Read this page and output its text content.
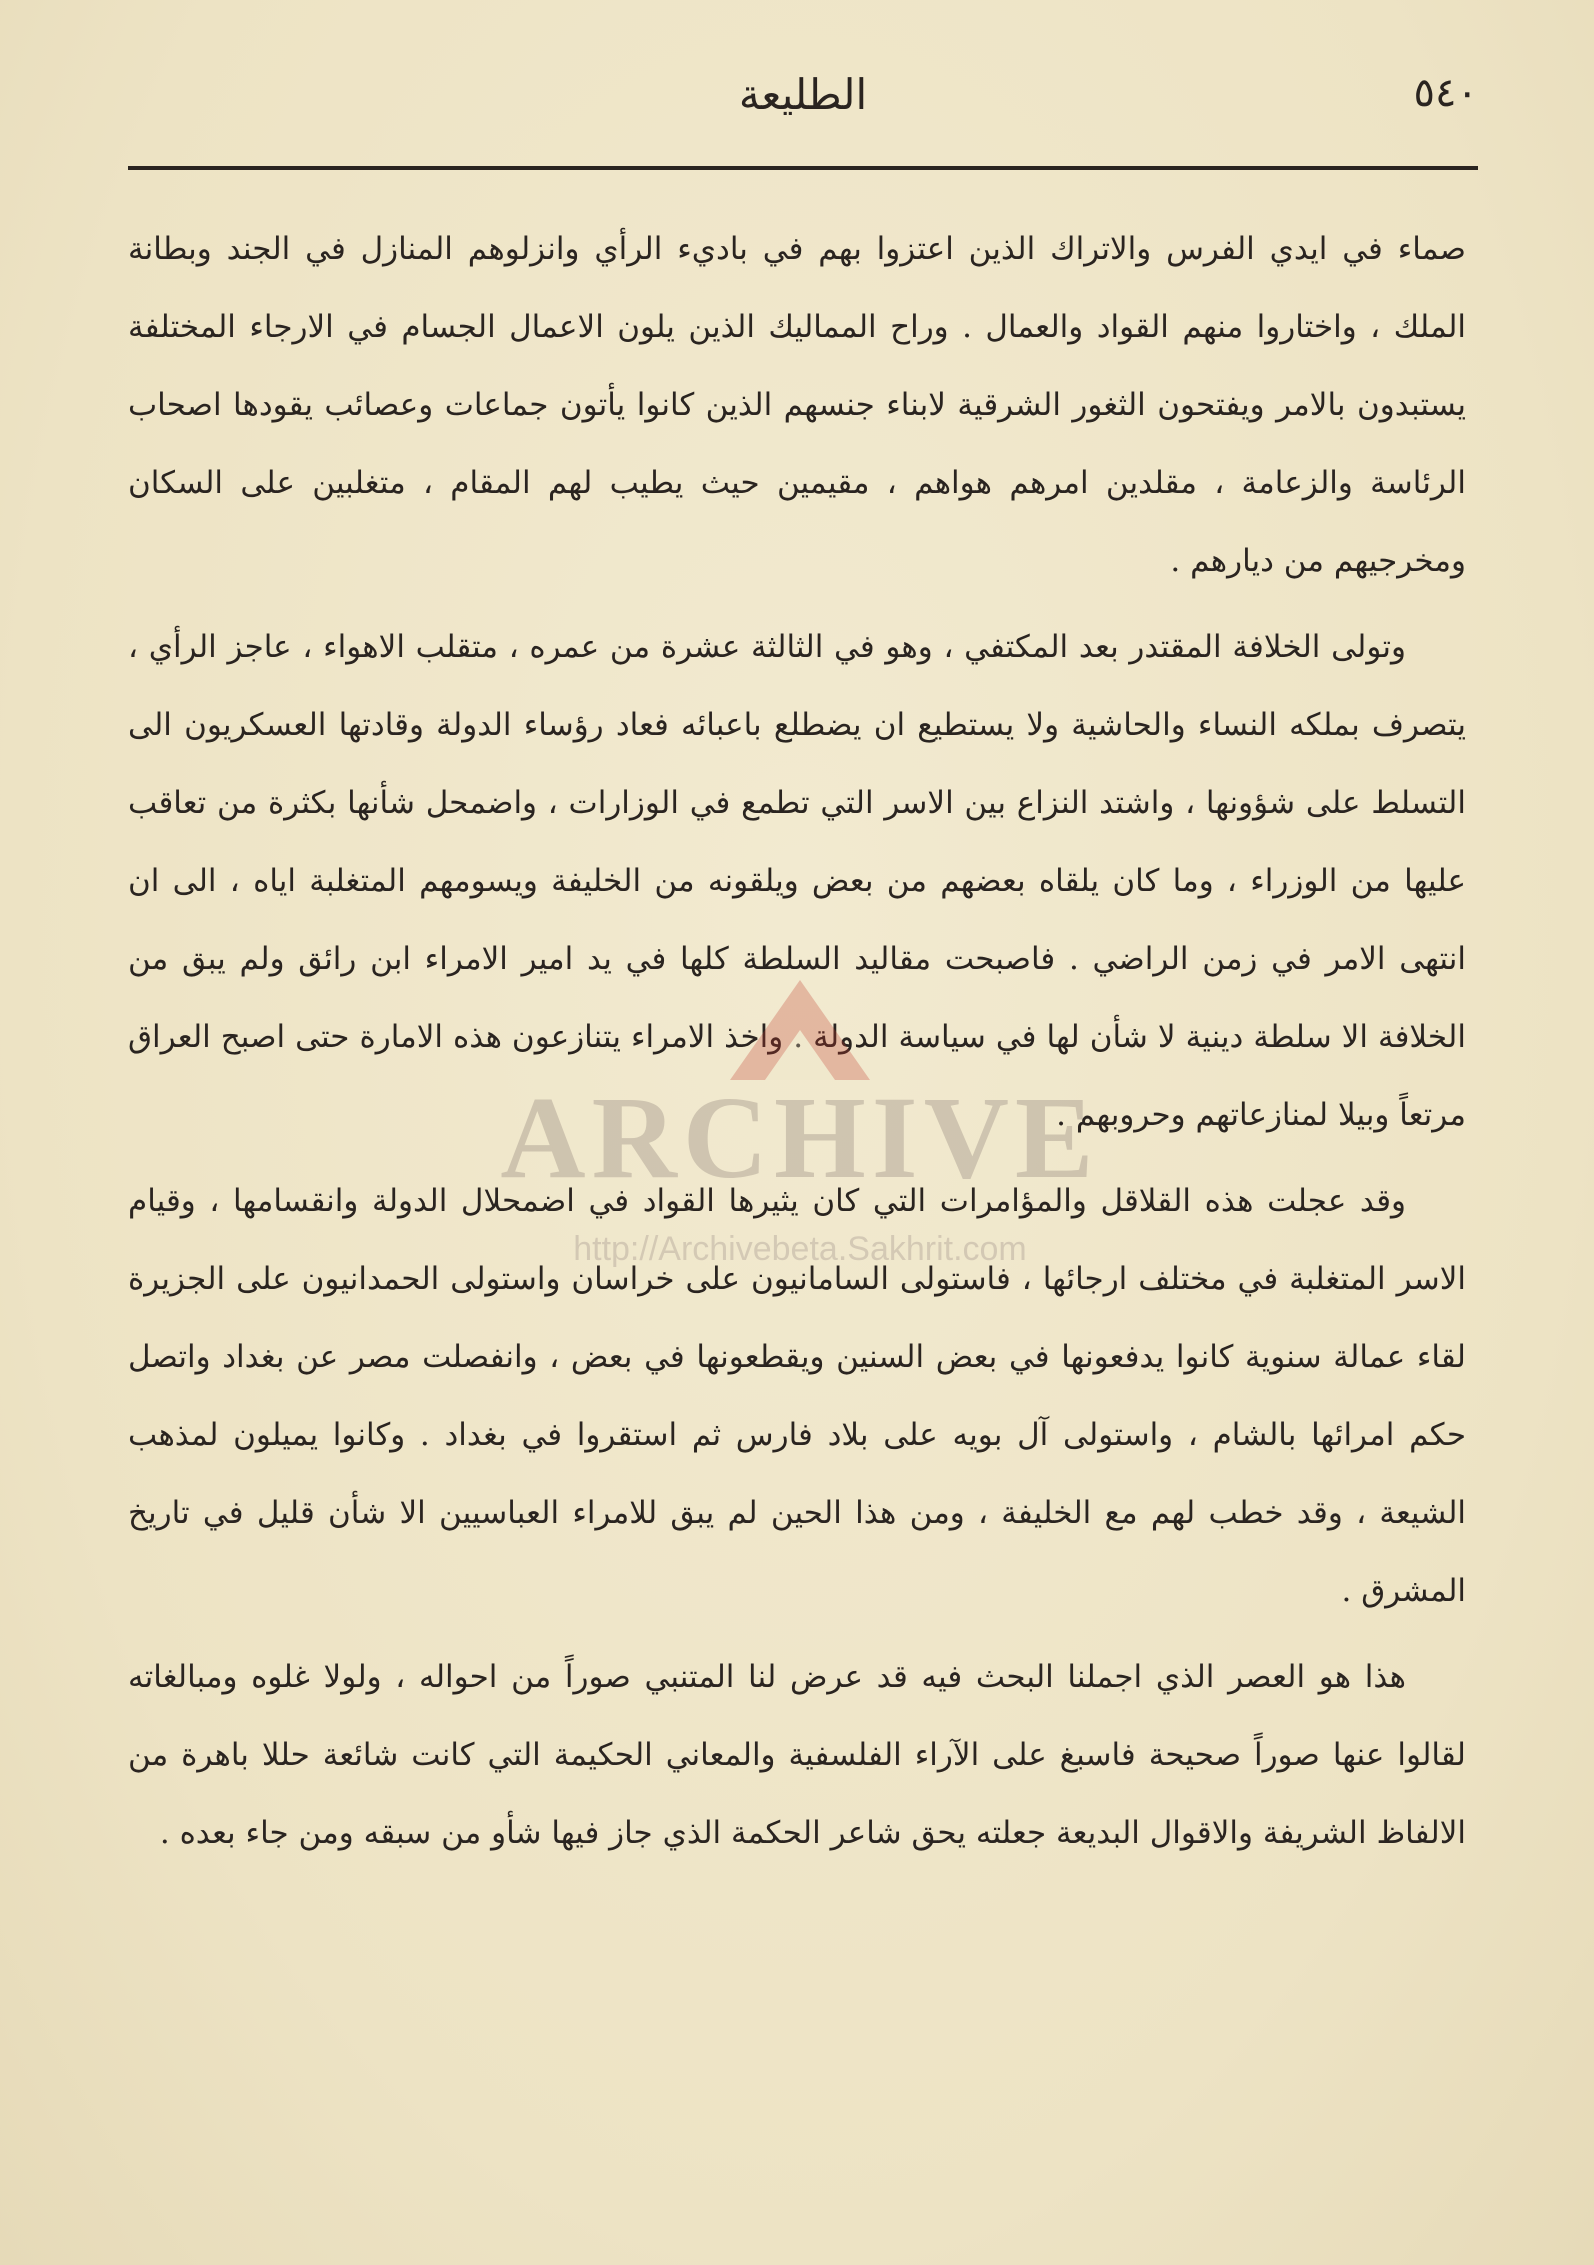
٥٤٠
الطليعة

صماء في ايدي الفرس والاتراك الذين اعتزوا بهم في باديء الرأي وانزلوهم المنازل في الجند وبطانة الملك ، واختاروا منهم القواد والعمال . وراح المماليك الذين يلون الاعمال الجسام في الارجاء المختلفة يستبدون بالامر ويفتحون الثغور الشرقية لابناء جنسهم الذين كانوا يأتون جماعات وعصائب يقودها اصحاب الرئاسة والزعامة ، مقلدين امرهم هواهم ، مقيمين حيث يطيب لهم المقام ، متغلبين على السكان ومخرجيهم من ديارهم .

وتولى الخلافة المقتدر بعد المكتفي ، وهو في الثالثة عشرة من عمره ، متقلب الاهواء ، عاجز الرأي ، يتصرف بملكه النساء والحاشية ولا يستطيع ان يضطلع باعبائه فعاد رؤساء الدولة وقادتها العسكريون الى التسلط على شؤونها ، واشتد النزاع بين الاسر التي تطمع في الوزارات ، واضمحل شأنها بكثرة من تعاقب عليها من الوزراء ، وما كان يلقاه بعضهم من بعض ويلقونه من الخليفة ويسومهم المتغلبة اياه ، الى ان انتهى الامر في زمن الراضي . فاصبحت مقاليد السلطة كلها في يد امير الامراء ابن رائق ولم يبق من الخلافة الا سلطة دينية لا شأن لها في سياسة الدولة . واخذ الامراء يتنازعون هذه الامارة حتى اصبح العراق مرتعاً وبيلا لمنازعاتهم وحروبهم .

وقد عجلت هذه القلاقل والمؤامرات التي كان يثيرها القواد في اضمحلال الدولة وانقسامها ، وقيام الاسر المتغلبة في مختلف ارجائها ، فاستولى السامانيون على خراسان واستولى الحمدانيون على الجزيرة لقاء عمالة سنوية كانوا يدفعونها في بعض السنين ويقطعونها في بعض ، وانفصلت مصر عن بغداد واتصل حكم امرائها بالشام ، واستولى آل بويه على بلاد فارس ثم استقروا في بغداد . وكانوا يميلون لمذهب الشيعة ، وقد خطب لهم مع الخليفة ، ومن هذا الحين لم يبق للامراء العباسيين الا شأن قليل في تاريخ المشرق .

هذا هو العصر الذي اجملنا البحث فيه قد عرض لنا المتنبي صوراً من احواله ، ولولا غلوه ومبالغاته لقالوا عنها صوراً صحيحة فاسبغ على الآراء الفلسفية والمعاني الحكيمة التي كانت شائعة حللا باهرة من الالفاظ الشريفة والاقوال البديعة جعلته يحق شاعر الحكمة الذي جاز فيها شأو من سبقه ومن جاء بعده .

ARCHIVE
http://Archivebeta.Sakhrit.com
